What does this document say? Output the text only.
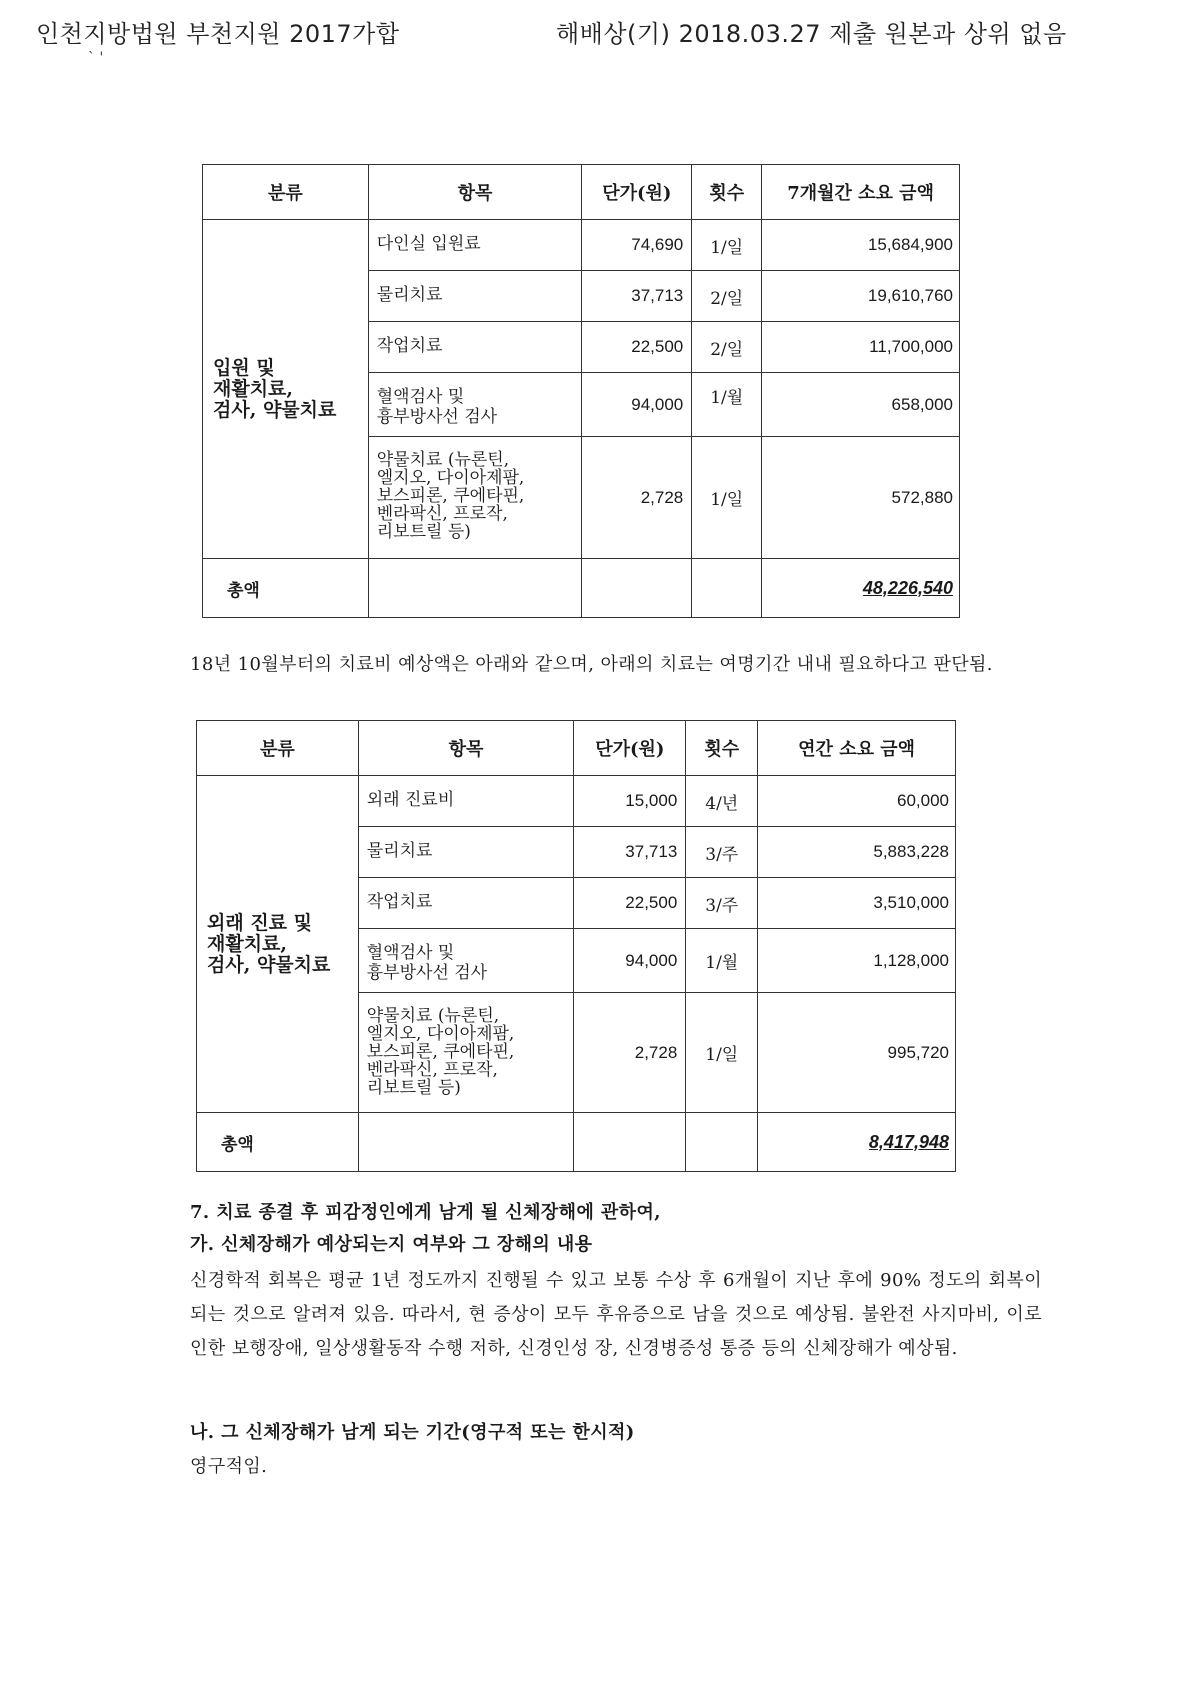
인천지방법원 부천지원 2017가합	해배상(기) 2018.03.27 제출 원본과 상위 없음
` '
분류	항목	단가(원)	횟수	7개월간 소요 금액
입원 및
재활치료,
검사, 약물치료	다인실 입원료	74,690	1/일	15,684,900
	물리치료	37,713	2/일	19,610,760
	작업치료	22,500	2/일	11,700,000
	혈액검사 및
흉부방사선 검사	94,000	1/월	658,000
	약물치료 (뉴론틴,
엘지오, 다이아제팜,
보스피론, 쿠에타핀,
벤라팍신, 프로작,
리보트릴 등)	2,728	1/일	572,880
총액				48,226,540
18년 10월부터의 치료비 예상액은 아래와 같으며, 아래의 치료는 여명기간 내내 필요하다고 판단됨.
분류	항목	단가(원)	횟수	연간 소요 금액
외래 진료 및
재활치료,
검사, 약물치료	외래 진료비	15,000	4/년	60,000
	물리치료	37,713	3/주	5,883,228
	작업치료	22,500	3/주	3,510,000
	혈액검사 및
흉부방사선 검사	94,000	1/월	1,128,000
	약물치료 (뉴론틴,
엘지오, 다이아제팜,
보스피론, 쿠에타핀,
벤라팍신, 프로작,
리보트릴 등)	2,728	1/일	995,720
총액				8,417,948
7. 치료 종결 후 피감정인에게 남게 될 신체장해에 관하여,
가. 신체장해가 예상되는지 여부와 그 장해의 내용
신경학적 회복은 평균 1년 정도까지 진행될 수 있고 보통 수상 후 6개월이 지난 후에 90% 정도의 회복이 되는 것으로 알려져 있음. 따라서, 현 증상이 모두 후유증으로 남을 것으로 예상됨. 불완전 사지마비, 이로 인한 보행장애, 일상생활동작 수행 저하, 신경인성 장, 신경병증성 통증 등의 신체장해가 예상됨.
나. 그 신체장해가 남게 되는 기간(영구적 또는 한시적)
영구적임.
